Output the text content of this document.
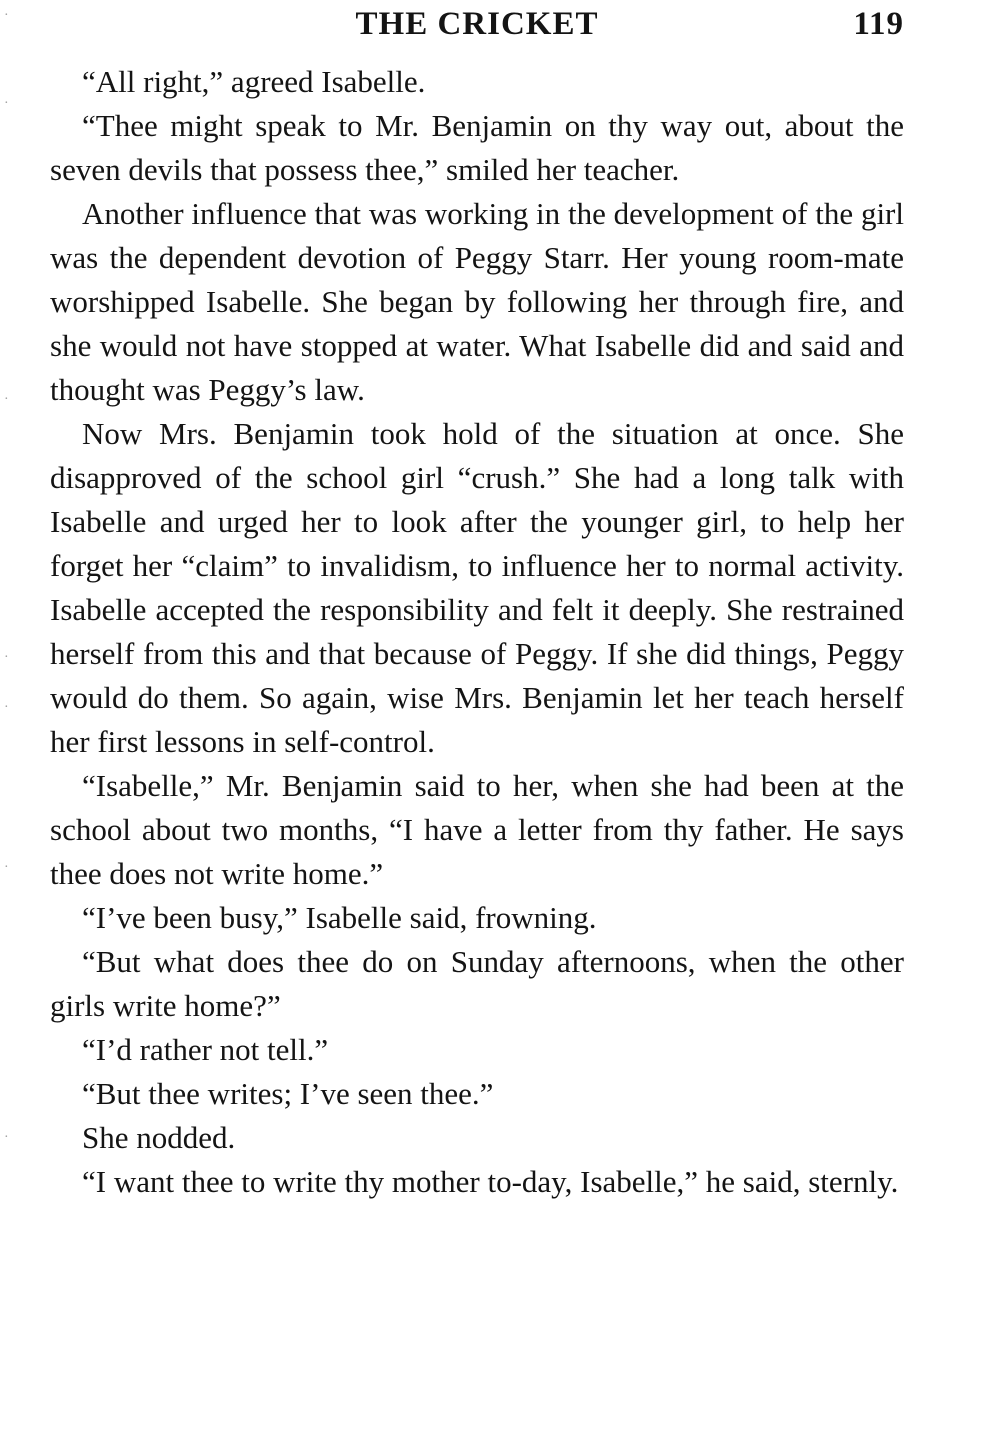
·
·
·
·
·
·
·
THE CRICKET	119

“All right,” agreed Isabelle.

“Thee might speak to Mr. Benjamin on thy way out, about the seven devils that possess thee,” smiled her teacher.

Another influence that was working in the development of the girl was the dependent devotion of Peggy Starr. Her young room-mate worshipped Isabelle. She began by following her through fire, and she would not have stopped at water. What Isabelle did and said and thought was Peggy’s law.

Now Mrs. Benjamin took hold of the situation at once. She disapproved of the school girl “crush.” She had a long talk with Isabelle and urged her to look after the younger girl, to help her forget her “claim” to invalidism, to influence her to normal activity. Isabelle accepted the responsibility and felt it deeply. She restrained herself from this and that because of Peggy. If she did things, Peggy would do them. So again, wise Mrs. Benjamin let her teach herself her first lessons in self-control.

“Isabelle,” Mr. Benjamin said to her, when she had been at the school about two months, “I have a letter from thy father. He says thee does not write home.”

“I’ve been busy,” Isabelle said, frowning.

“But what does thee do on Sunday afternoons, when the other girls write home?”

“I’d rather not tell.”

“But thee writes; I’ve seen thee.”

She nodded.

“I want thee to write thy mother to-day, Isabelle,” he said, sternly.
